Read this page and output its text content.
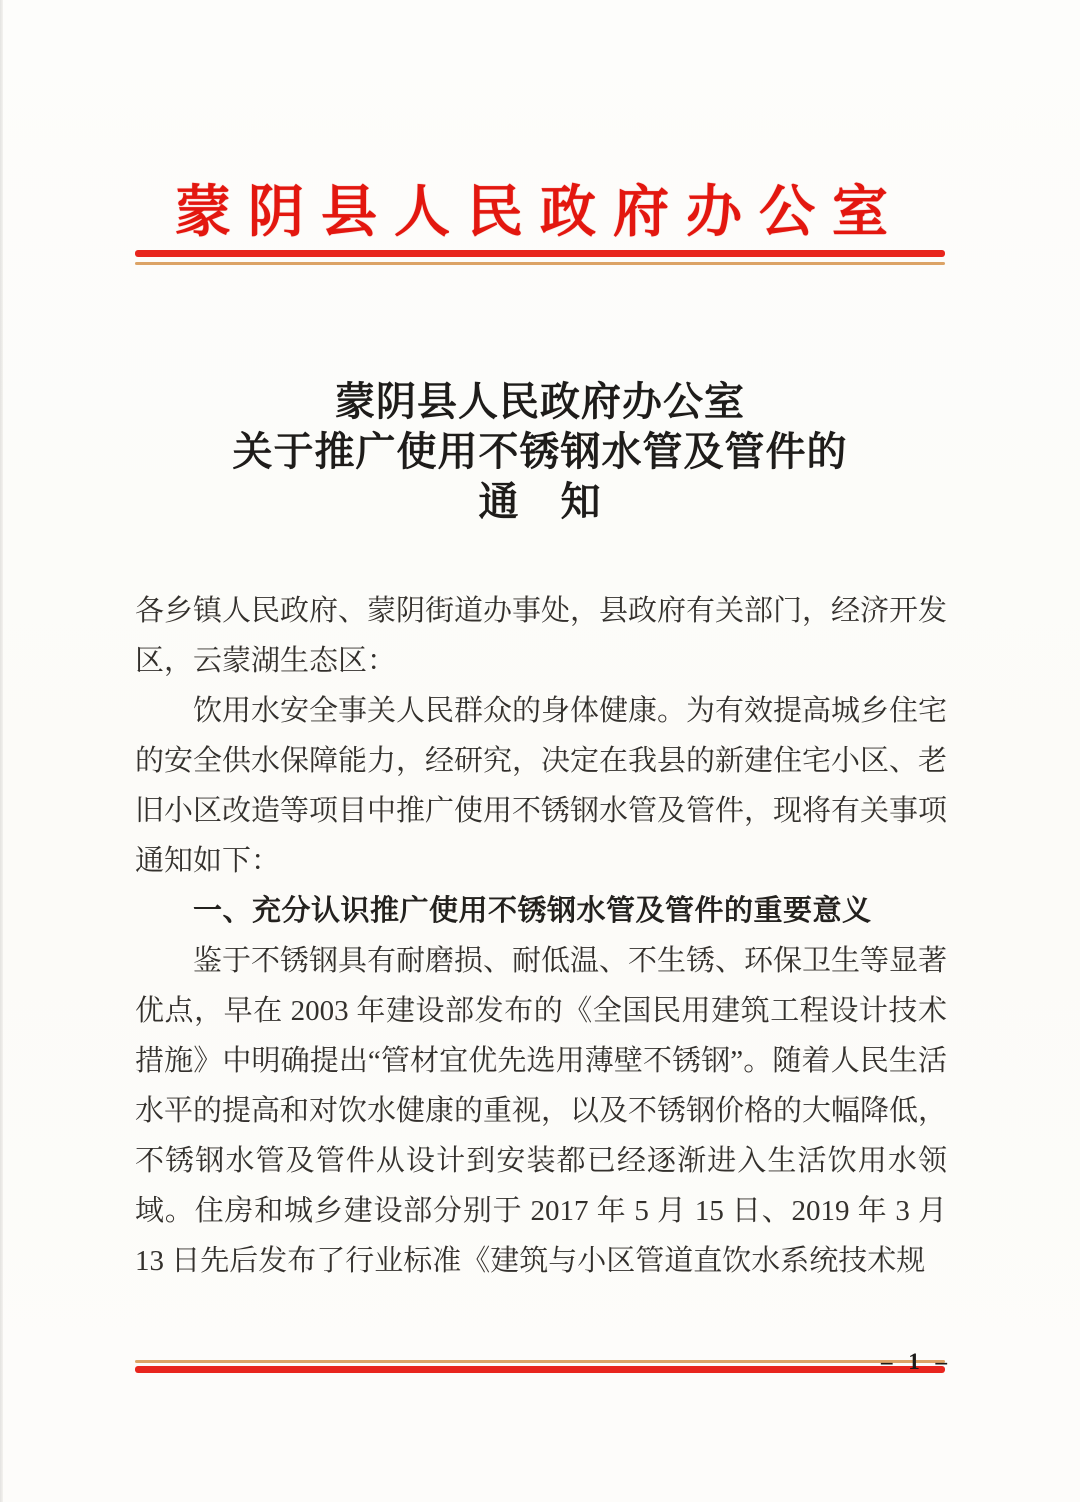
蒙阴县人民政府办公室
蒙阴县人民政府办公室
关于推广使用不锈钢水管及管件的
通　知

各乡镇人民政府、蒙阴街道办事处，县政府有关部门，经济开发区，云蒙湖生态区：

饮用水安全事关人民群众的身体健康。为有效提高城乡住宅的安全供水保障能力，经研究，决定在我县的新建住宅小区、老旧小区改造等项目中推广使用不锈钢水管及管件，现将有关事项通知如下：

一、充分认识推广使用不锈钢水管及管件的重要意义

鉴于不锈钢具有耐磨损、耐低温、不生锈、环保卫生等显著优点，早在 2003 年建设部发布的《全国民用建筑工程设计技术措施》中明确提出“管材宜优先选用薄壁不锈钢”。随着人民生活水平的提高和对饮水健康的重视，以及不锈钢价格的大幅降低，不锈钢水管及管件从设计到安装都已经逐渐进入生活饮用水领域。住房和城乡建设部分别于 2017 年 5 月 15 日、2019 年 3 月 13 日先后发布了行业标准《建筑与小区管道直饮水系统技术规

– 1 –
